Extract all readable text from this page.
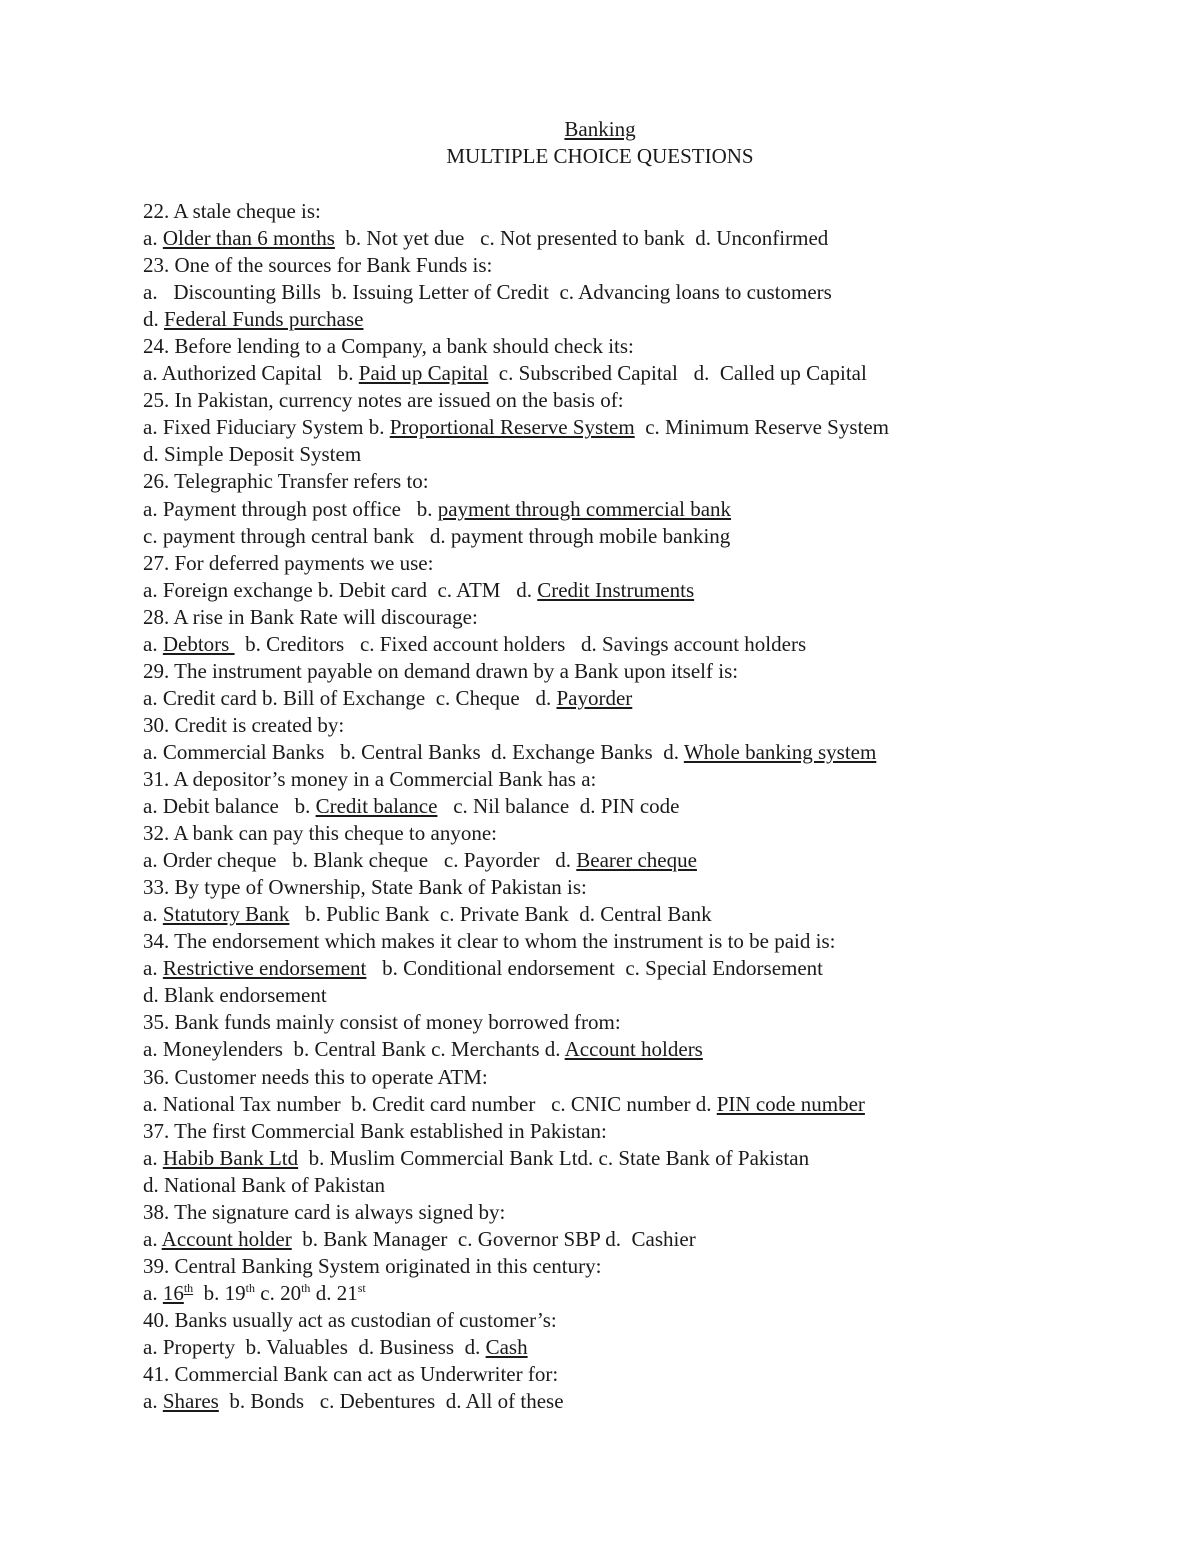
Banking
MULTIPLE CHOICE QUESTIONS
22. A stale cheque is:
a. Older than 6 months  b. Not yet due   c. Not presented to bank  d. Unconfirmed
23. One of the sources for Bank Funds is:
a.   Discounting Bills  b. Issuing Letter of Credit  c. Advancing loans to customers
d. Federal Funds purchase
24. Before lending to a Company, a bank should check its:
a. Authorized Capital   b. Paid up Capital  c. Subscribed Capital   d.  Called up Capital
25. In Pakistan, currency notes are issued on the basis of:
a. Fixed Fiduciary System b. Proportional Reserve System  c. Minimum Reserve System
d. Simple Deposit System
26. Telegraphic Transfer refers to:
a. Payment through post office   b. payment through commercial bank
c. payment through central bank   d. payment through mobile banking
27. For deferred payments we use:
a. Foreign exchange b. Debit card  c. ATM   d. Credit Instruments
28. A rise in Bank Rate will discourage:
a. Debtors   b. Creditors   c. Fixed account holders   d. Savings account holders
29. The instrument payable on demand drawn by a Bank upon itself is:
a. Credit card b. Bill of Exchange  c. Cheque   d. Payorder
30. Credit is created by:
a. Commercial Banks   b. Central Banks  d. Exchange Banks  d. Whole banking system
31. A depositor’s money in a Commercial Bank has a:
a. Debit balance   b. Credit balance   c. Nil balance  d. PIN code
32. A bank can pay this cheque to anyone:
a. Order cheque   b. Blank cheque   c. Payorder   d. Bearer cheque
33. By type of Ownership, State Bank of Pakistan is:
a. Statutory Bank   b. Public Bank  c. Private Bank  d. Central Bank
34. The endorsement which makes it clear to whom the instrument is to be paid is:
a. Restrictive endorsement   b. Conditional endorsement  c. Special Endorsement
d. Blank endorsement
35. Bank funds mainly consist of money borrowed from:
a. Moneylenders  b. Central Bank c. Merchants d. Account holders
36. Customer needs this to operate ATM:
a. National Tax number  b. Credit card number   c. CNIC number d. PIN code number
37. The first Commercial Bank established in Pakistan:
a. Habib Bank Ltd  b. Muslim Commercial Bank Ltd. c. State Bank of Pakistan
d. National Bank of Pakistan
38. The signature card is always signed by:
a. Account holder  b. Bank Manager  c. Governor SBP d.  Cashier
39. Central Banking System originated in this century:
a. 16th  b. 19th c. 20th d. 21st
40. Banks usually act as custodian of customer’s:
a. Property  b. Valuables  d. Business  d. Cash
41. Commercial Bank can act as Underwriter for:
a. Shares  b. Bonds   c. Debentures  d. All of these
